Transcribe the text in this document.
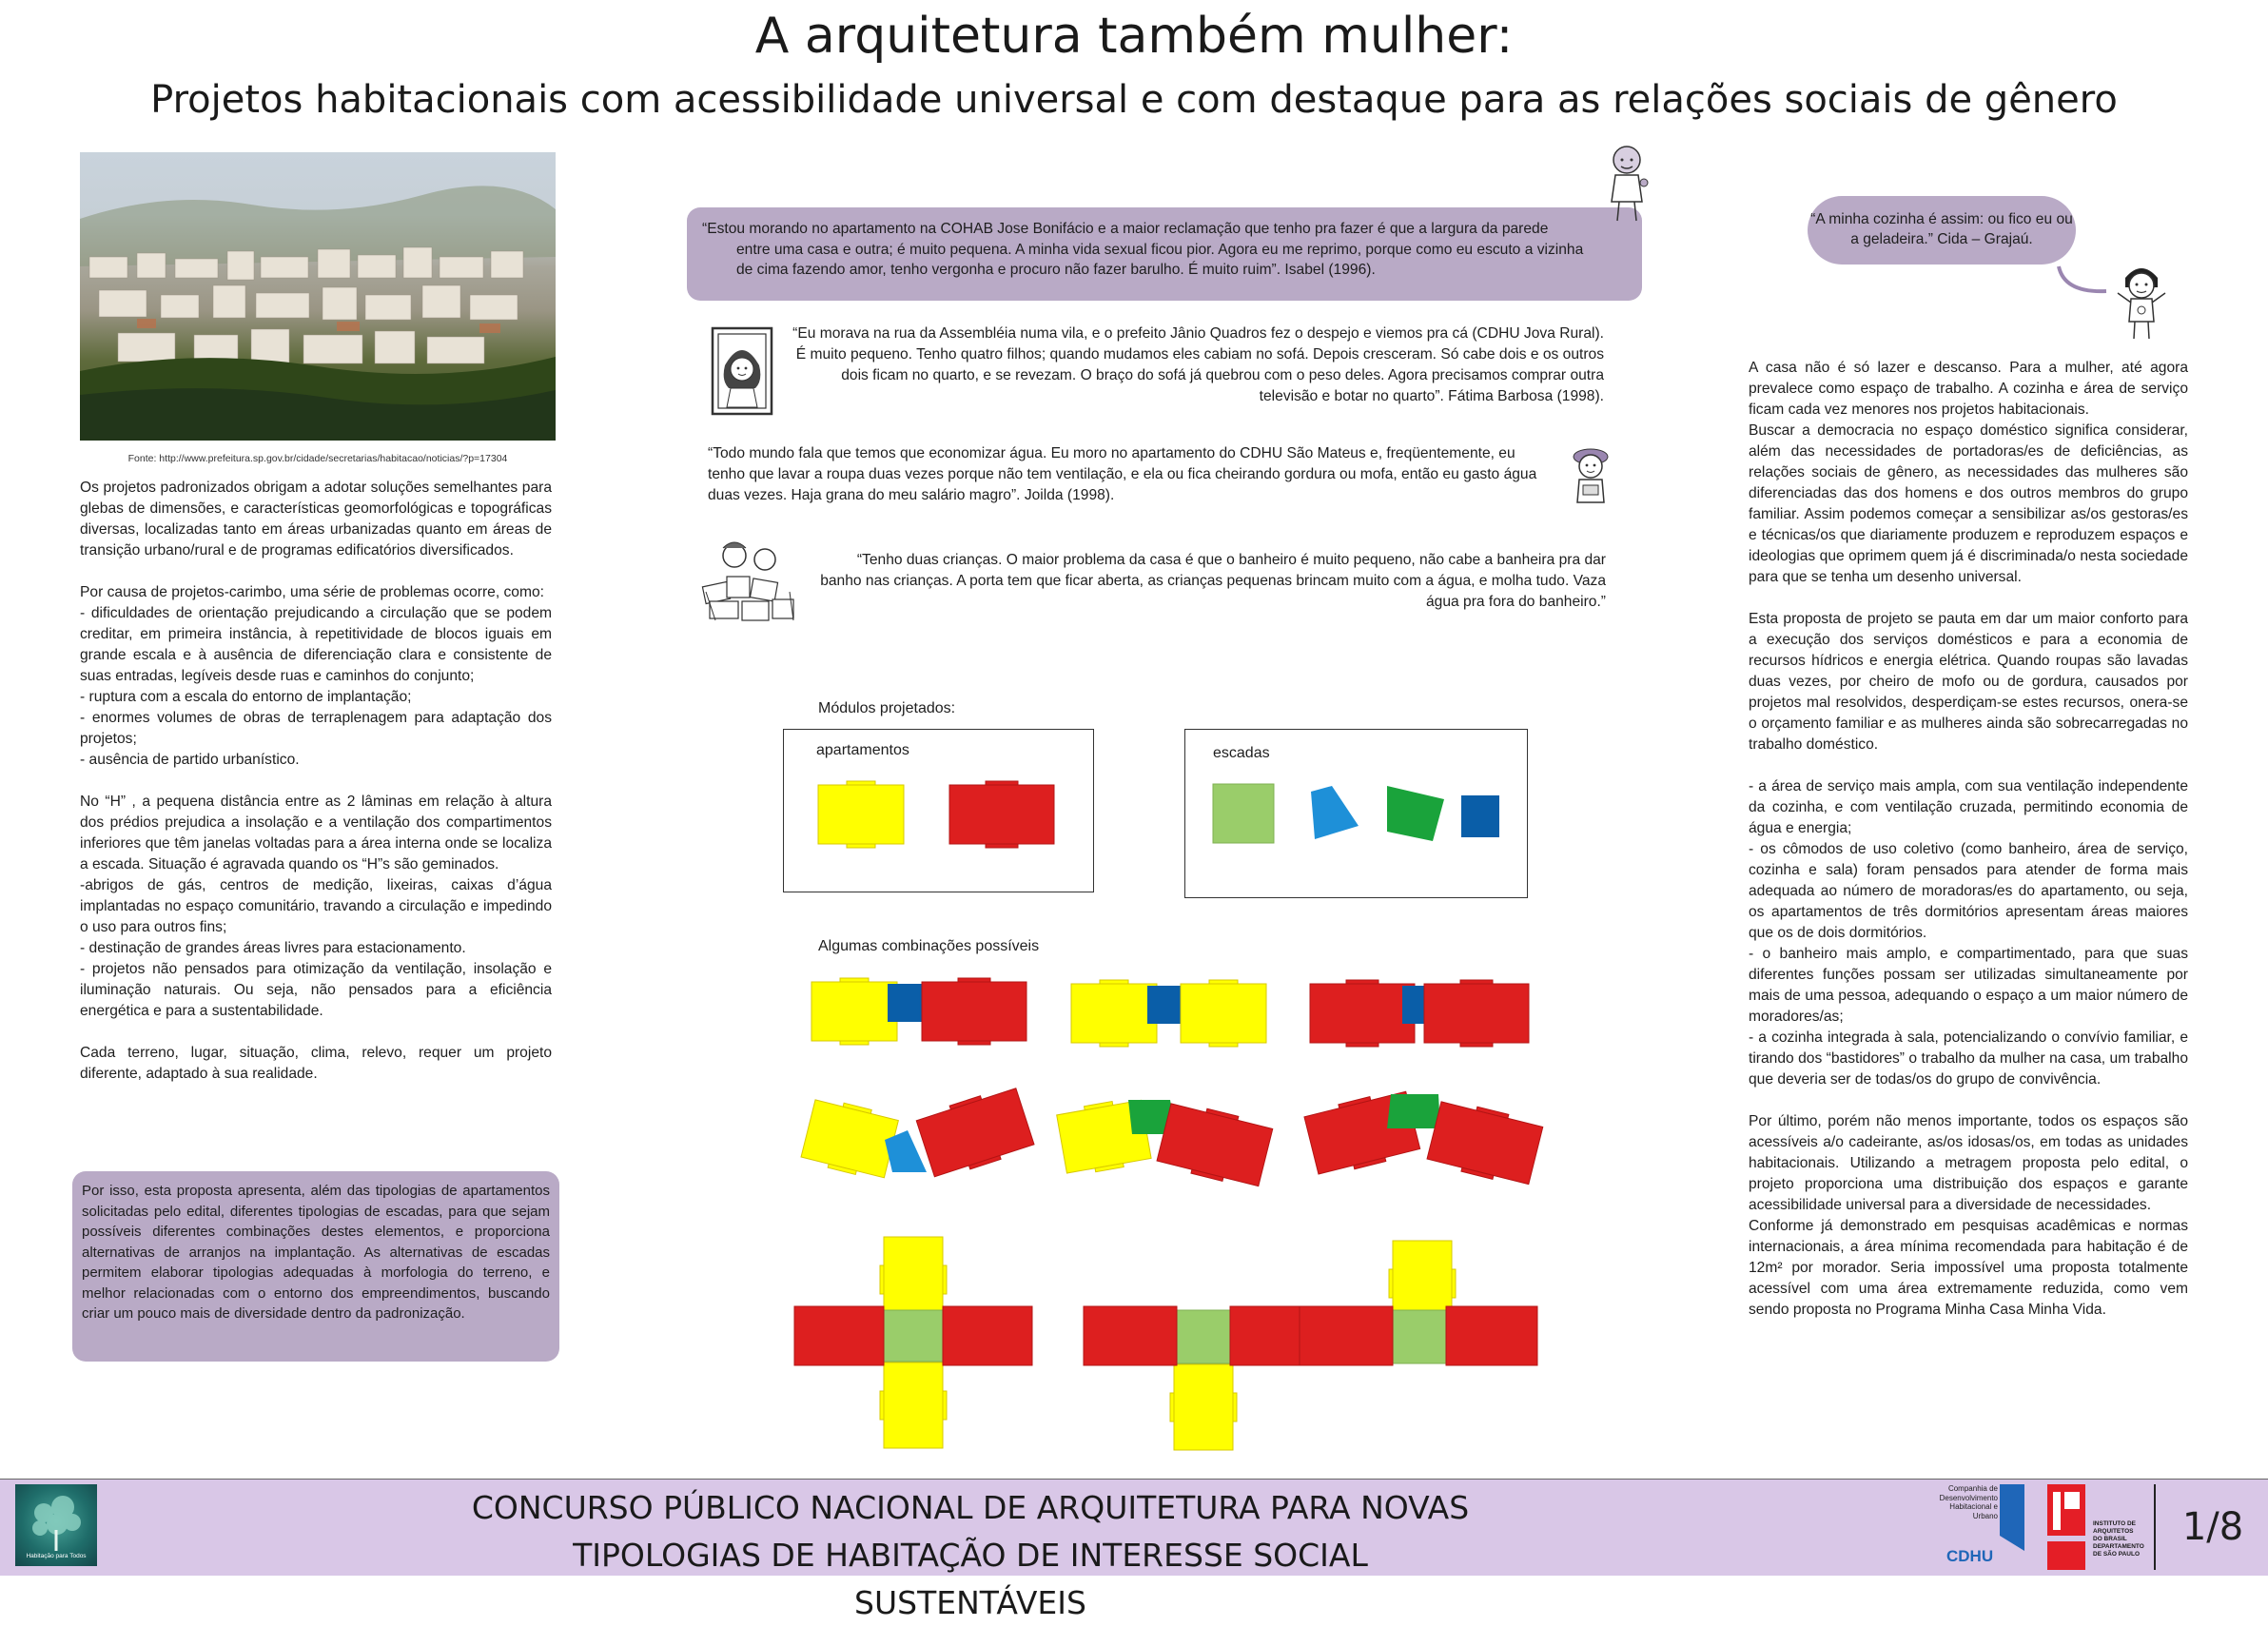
A arquitetura também mulher:
Projetos habitacionais com acessibilidade universal e com destaque para as relações sociais de gênero
Fonte: http://www.prefeitura.sp.gov.br/cidade/secretarias/habitacao/noticias/?p=17304

Os projetos padronizados obrigam a adotar soluções semelhantes para glebas de dimensões, e características geomorfológicas e topográficas diversas, localizadas tanto em áreas urbanizadas quanto em áreas de transição urbano/rural e de programas edificatórios diversificados.

Por causa de projetos-carimbo, uma série de problemas ocorre, como:
- dificuldades de orientação prejudicando a circulação que se podem creditar, em primeira instância, à repetitividade de blocos iguais em grande escala e à ausência de diferenciação clara e consistente de suas entradas, legíveis desde ruas e caminhos do conjunto;
- ruptura com a escala do entorno de implantação;
- enormes volumes de obras de terraplenagem para adaptação dos projetos;
- ausência de partido urbanístico.

No “H” , a pequena distância entre as 2 lâminas em relação à altura dos prédios prejudica a insolação e a ventilação dos compartimentos inferiores que têm janelas voltadas para a área interna onde se localiza a escada. Situação é agravada quando os “H”s são geminados.
-abrigos de gás, centros de medição, lixeiras, caixas d’água implantadas no espaço comunitário, travando a circulação e impedindo o uso para outros fins;
- destinação de grandes áreas livres para estacionamento.
- projetos não pensados para otimização da ventilação, insolação e iluminação naturais. Ou seja, não pensados para a eficiência energética e para a sustentabilidade.

Cada terreno, lugar, situação, clima, relevo, requer um projeto diferente, adaptado à sua realidade.

Por isso, esta proposta apresenta, além das tipologias de apartamentos solicitadas pelo edital, diferentes tipologias de escadas, para que sejam possíveis diferentes combinações destes elementos, e proporciona alternativas de arranjos na implantação. As alternativas de escadas permitem elaborar tipologias adequadas à morfologia do terreno, e melhor relacionadas com o entorno dos empreendimentos, buscando criar um pouco mais de diversidade dentro da padronização.
“Estou morando no apartamento na COHAB Jose Bonifácio e a maior reclamação que tenho pra fazer é que a largura da parede
entre uma casa e outra; é muito pequena. A minha vida sexual ficou pior. Agora eu me reprimo, porque como eu escuto a vizinha
de cima fazendo amor, tenho vergonha e procuro não fazer barulho. É muito ruim”. Isabel (1996).
“A minha cozinha é assim: ou fico eu ou a geladeira.” Cida – Grajaú.
“Eu morava na rua da Assembléia numa vila, e o prefeito Jânio Quadros fez o despejo e viemos pra cá (CDHU Jova Rural). É muito pequeno. Tenho quatro filhos; quando mudamos eles cabiam no sofá. Depois cresceram. Só cabe dois e os outros dois ficam no quarto, e se revezam. O braço do sofá já quebrou com o peso deles. Agora precisamos comprar outra televisão e botar no quarto”. Fátima Barbosa (1998).
“Todo mundo fala que temos que economizar água. Eu moro no apartamento do CDHU São Mateus e, freqüentemente, eu tenho que lavar a roupa duas vezes porque não tem ventilação, e ela ou fica cheirando gordura ou mofa, então eu gasto água duas vezes. Haja grana do meu salário magro”. Joilda (1998).
“Tenho duas crianças. O maior problema da casa é que o banheiro é muito pequeno, não cabe a banheira pra dar banho nas crianças. A porta tem que ficar aberta, as crianças pequenas brincam muito com a água, e molha tudo. Vaza água pra fora do banheiro.”
Módulos projetados:
apartamentos	escadas
Algumas combinações possíveis

A casa não é só lazer e descanso. Para a mulher, até agora prevalece como espaço de trabalho. A cozinha e área de serviço ficam cada vez menores nos projetos habitacionais.
Buscar a democracia no espaço doméstico significa considerar, além das necessidades de portadoras/es de deficiências, as relações sociais de gênero, as necessidades das mulheres são diferenciadas das dos homens e dos outros membros do grupo familiar. Assim podemos começar a sensibilizar as/os gestoras/es e técnicas/os que diariamente produzem e reproduzem espaços e ideologias que oprimem quem já é discriminada/o nesta sociedade para que se tenha um desenho universal.

Esta proposta de projeto se pauta em dar um maior conforto para a execução dos serviços domésticos e para a economia de recursos hídricos e energia elétrica. Quando roupas são lavadas duas vezes, por cheiro de mofo ou de gordura, causados por projetos mal resolvidos, desperdiçam-se estes recursos, onera-se o orçamento familiar e as mulheres ainda são sobrecarregadas no trabalho doméstico.

- a área de serviço mais ampla, com sua ventilação independente da cozinha, e com ventilação cruzada, permitindo economia de água e energia;
- os cômodos de uso coletivo (como banheiro, área de serviço, cozinha e sala) foram pensados para atender de forma mais adequada ao número de moradoras/es do apartamento, ou seja, os apartamentos de três dormitórios apresentam áreas maiores que os de dois dormitórios.
- o banheiro mais amplo, e compartimentado, para que suas diferentes funções possam ser utilizadas simultaneamente por mais de uma pessoa, adequando o espaço a um maior número de moradores/as;
- a cozinha integrada à sala, potencializando o convívio familiar, e tirando dos “bastidores” o trabalho da mulher na casa, um trabalho que deveria ser de todas/os do grupo de convivência.

Por último, porém não menos importante, todos os espaços são acessíveis a/o cadeirante, as/os idosas/os, em todas as unidades habitacionais. Utilizando a metragem proposta pelo edital, o projeto proporciona uma distribuição dos espaços e garante acessibilidade universal para a diversidade de necessidades.
Conforme já demonstrado em pesquisas acadêmicas e normas internacionais, a área mínima recomendada para habitação é de 12m² por morador. Seria impossível uma proposta totalmente acessível com uma área extremamente reduzida, como vem sendo proposta no Programa Minha Casa Minha Vida.

Habitação para Todos
CONCURSO PÚBLICO NACIONAL DE ARQUITETURA PARA NOVAS
TIPOLOGIAS DE HABITAÇÃO DE INTERESSE SOCIAL SUSTENTÁVEIS
Companhia de Desenvolvimento Habitacional e Urbano
CDHU
INSTITUTO DE ARQUITETOS DO BRASIL DEPARTAMENTO DE SÃO PAULO
1/8
